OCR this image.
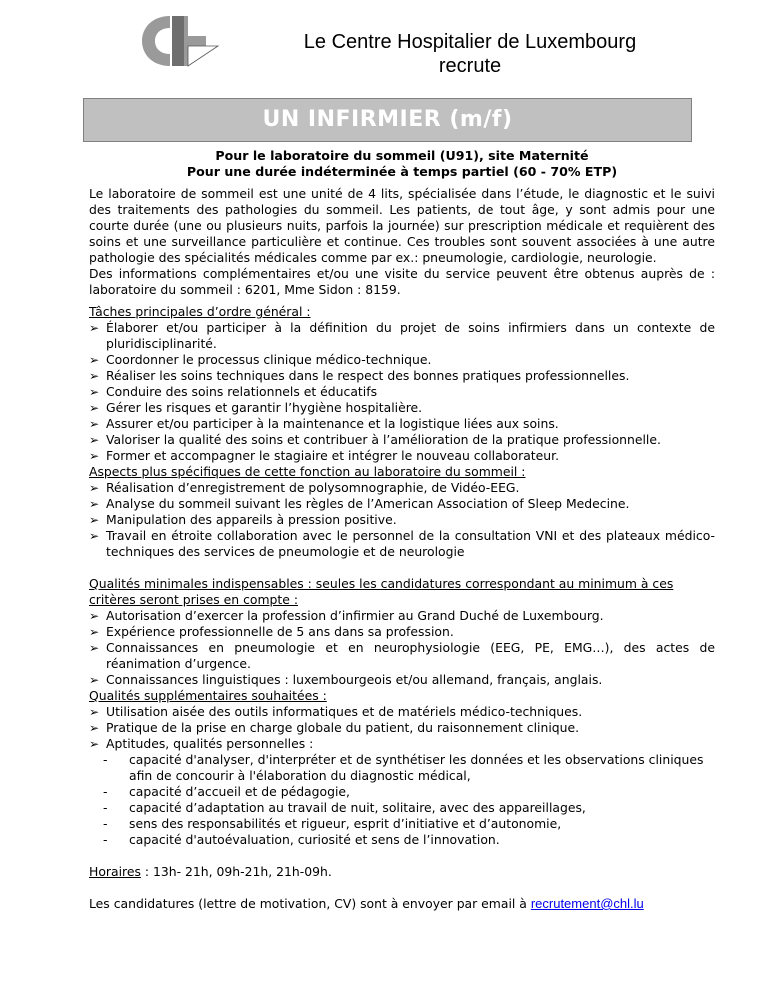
Le Centre Hospitalier de Luxembourg
recrute
UN INFIRMIER (m/f)
Pour le laboratoire du sommeil (U91), site Maternité
Pour une durée indéterminée à temps partiel (60 - 70% ETP)
Le laboratoire de sommeil est une unité de 4 lits, spécialisée dans l’étude, le diagnostic et le suivi des traitements des pathologies du sommeil. Les patients, de tout âge, y sont admis pour une courte durée (une ou plusieurs nuits, parfois la journée) sur prescription médicale et requièrent des soins et une surveillance particulière et continue. Ces troubles sont souvent associées à une autre pathologie des spécialités médicales comme par ex.: pneumologie, cardiologie, neurologie.
Des informations complémentaires et/ou une visite du service peuvent être obtenus auprès de : laboratoire du sommeil : 6201, Mme Sidon : 8159.
Tâches principales d’ordre général :
➢ Élaborer et/ou participer à la définition du projet de soins infirmiers dans un contexte de pluridisciplinarité.
➢ Coordonner le processus clinique médico-technique.
➢ Réaliser les soins techniques dans le respect des bonnes pratiques professionnelles.
➢ Conduire des soins relationnels et éducatifs
➢ Gérer les risques et garantir l’hygiène hospitalière.
➢ Assurer et/ou participer à la maintenance et la logistique liées aux soins.
➢ Valoriser la qualité des soins et contribuer à l’amélioration de la pratique professionnelle.
➢ Former et accompagner le stagiaire et intégrer le nouveau collaborateur.
Aspects plus spécifiques de cette fonction au laboratoire du sommeil :
➢ Réalisation d’enregistrement de polysomnographie, de Vidéo-EEG.
➢ Analyse du sommeil suivant les règles de l’American Association of Sleep Medecine.
➢ Manipulation des appareils à pression positive.
➢ Travail en étroite collaboration avec le personnel de la consultation VNI et des plateaux médico-techniques des services de pneumologie et de neurologie
Qualités minimales indispensables : seules les candidatures correspondant au minimum à ces critères seront prises en compte :
➢ Autorisation d’exercer la profession d’infirmier au Grand Duché de Luxembourg.
➢ Expérience professionnelle de 5 ans dans sa profession.
➢ Connaissances en pneumologie et en neurophysiologie (EEG, PE, EMG…), des actes de réanimation d’urgence.
➢ Connaissances linguistiques : luxembourgeois et/ou allemand, français, anglais.
Qualités supplémentaires souhaitées :
➢ Utilisation aisée des outils informatiques et de matériels médico-techniques.
➢ Pratique de la prise en charge globale du patient, du raisonnement clinique.
➢ Aptitudes, qualités personnelles :
- capacité d'analyser, d'interpréter et de synthétiser les données et les observations cliniques afin de concourir à l'élaboration du diagnostic médical,
- capacité d’accueil et de pédagogie,
- capacité d’adaptation au travail de nuit, solitaire, avec des appareillages,
- sens des responsabilités et rigueur, esprit d’initiative et d’autonomie,
- capacité d'autoévaluation, curiosité et sens de l’innovation.
Horaires : 13h- 21h, 09h-21h, 21h-09h.
Les candidatures (lettre de motivation, CV) sont à envoyer par email à recrutement@chl.lu
